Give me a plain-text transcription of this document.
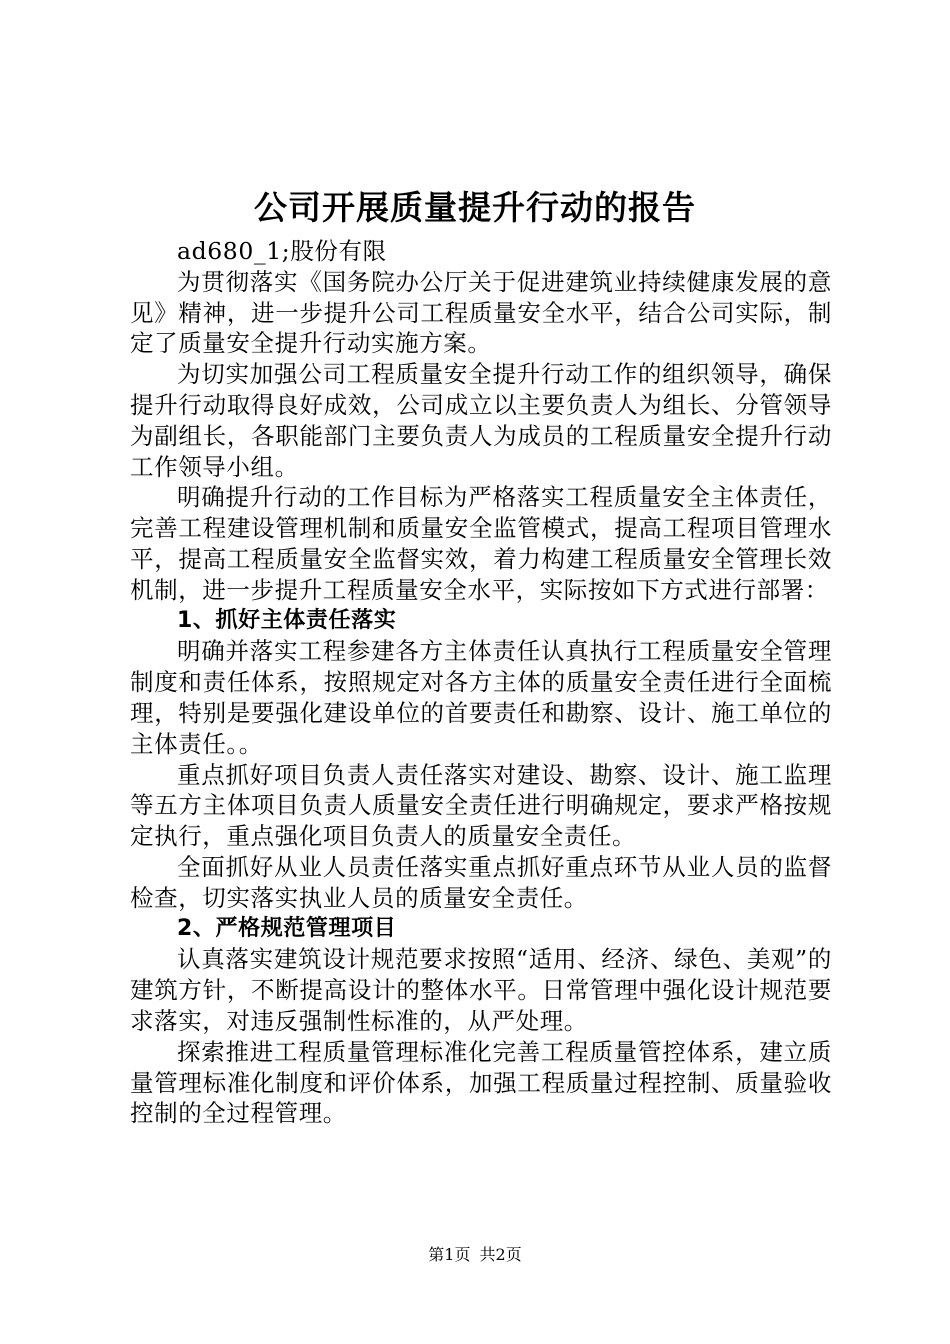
公司开展质量提升行动的报告

ad680_1;股份有限

为贯彻落实《国务院办公厅关于促进建筑业持续健康发展的意见》精神，进一步提升公司工程质量安全水平，结合公司实际，制定了质量安全提升行动实施方案。

为切实加强公司工程质量安全提升行动工作的组织领导，确保提升行动取得良好成效，公司成立以主要负责人为组长、分管领导为副组长，各职能部门主要负责人为成员的工程质量安全提升行动工作领导小组。

明确提升行动的工作目标为严格落实工程质量安全主体责任，完善工程建设管理机制和质量安全监管模式，提高工程项目管理水平，提高工程质量安全监督实效，着力构建工程质量安全管理长效机制，进一步提升工程质量安全水平，实际按如下方式进行部署：

1、抓好主体责任落实

明确并落实工程参建各方主体责任认真执行工程质量安全管理制度和责任体系，按照规定对各方主体的质量安全责任进行全面梳理，特别是要强化建设单位的首要责任和勘察、设计、施工单位的主体责任。。

重点抓好项目负责人责任落实对建设、勘察、设计、施工监理等五方主体项目负责人质量安全责任进行明确规定，要求严格按规定执行，重点强化项目负责人的质量安全责任。

全面抓好从业人员责任落实重点抓好重点环节从业人员的监督检查，切实落实执业人员的质量安全责任。

2、严格规范管理项目

认真落实建筑设计规范要求按照“适用、经济、绿色、美观”的建筑方针，不断提高设计的整体水平。日常管理中强化设计规范要求落实，对违反强制性标准的，从严处理。

探索推进工程质量管理标准化完善工程质量管控体系，建立质量管理标准化制度和评价体系，加强工程质量过程控制、质量验收控制的全过程管理。

第1页 共2页
